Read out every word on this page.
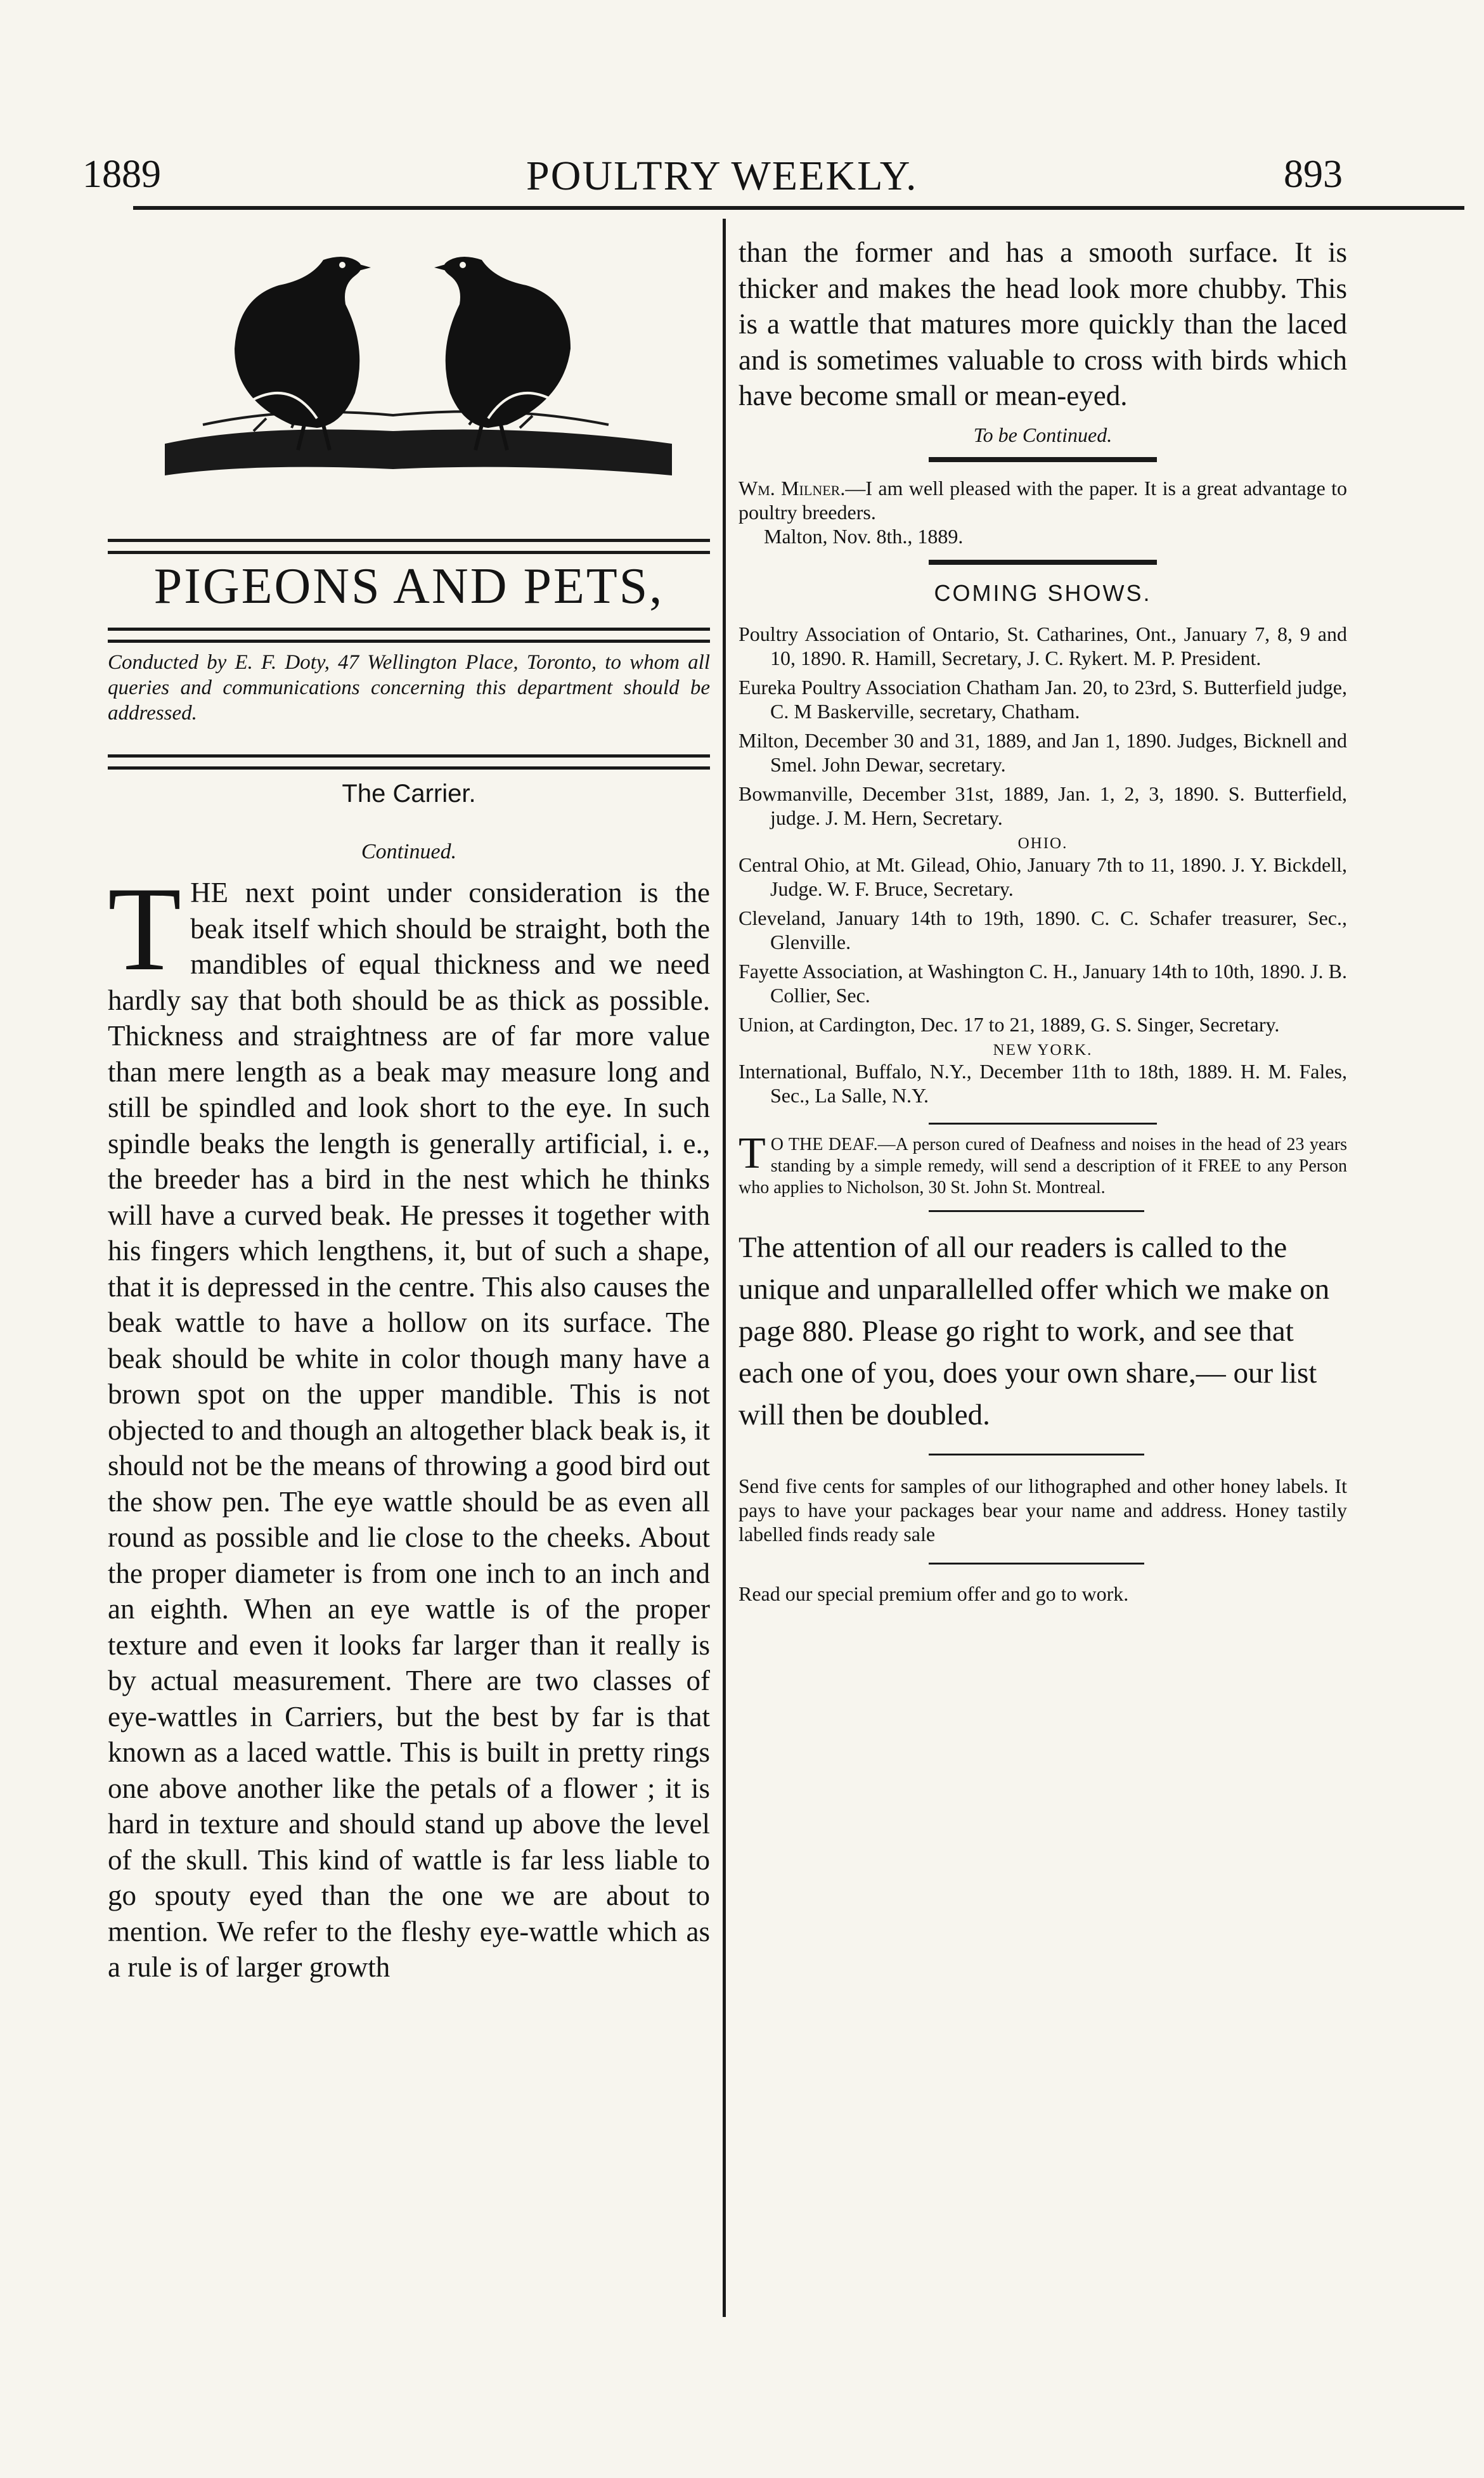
1889	POULTRY WEEKLY.	893
PIGEONS AND PETS,
Conducted by E. F. Doty, 47 Wellington Place, Toronto, to whom all queries and communications concerning this department should be addressed.
The Carrier.
Continued.
THE next point under consideration is the beak itself which should be straight, both the mandibles of equal thickness and we need hardly say that both should be as thick as possible. Thickness and straightness are of far more value than mere length as a beak may measure long and still be spindled and look short to the eye. In such spindle beaks the length is generally artificial, i. e., the breeder has a bird in the nest which he thinks will have a curved beak. He presses it together with his fingers which lengthens, it, but of such a shape, that it is depressed in the centre. This also causes the beak wattle to have a hollow on its surface. The beak should be white in color though many have a brown spot on the upper mandible. This is not objected to and though an altogether black beak is, it should not be the means of throwing a good bird out the show pen. The eye wattle should be as even all round as possible and lie close to the cheeks. About the proper diameter is from one inch to an inch and an eighth. When an eye wattle is of the proper texture and even it looks far larger than it really is by actual measurement. There are two classes of eye-wattles in Carriers, but the best by far is that known as a laced wattle. This is built in pretty rings one above another like the petals of a flower ; it is hard in texture and should stand up above the level of the skull. This kind of wattle is far less liable to go spouty eyed than the one we are about to mention. We refer to the fleshy eye-wattle which as a rule is of larger growth
than the former and has a smooth surface. It is thicker and makes the head look more chubby. This is a wattle that matures more quickly than the laced and is sometimes valuable to cross with birds which have become small or mean-eyed.
To be Continued.
Wm. Milner.—I am well pleased with the paper. It is a great advantage to poultry breeders.
Malton, Nov. 8th., 1889.
COMING SHOWS.
Poultry Association of Ontario, St. Catharines, Ont., January 7, 8, 9 and 10, 1890. R. Hamill, Secretary, J. C. Rykert. M. P. President.
Eureka Poultry Association Chatham Jan. 20, to 23rd, S. Butterfield judge, C. M Baskerville, secretary, Chatham.
Milton, December 30 and 31, 1889, and Jan 1, 1890. Judges, Bicknell and Smel. John Dewar, secretary.
Bowmanville, December 31st, 1889, Jan. 1, 2, 3, 1890. S. Butterfield, judge. J. M. Hern, Secretary.
OHIO.
Central Ohio, at Mt. Gilead, Ohio, January 7th to 11, 1890. J. Y. Bickdell, Judge. W. F. Bruce, Secretary.
Cleveland, January 14th to 19th, 1890. C. C. Schafer treasurer, Sec., Glenville.
Fayette Association, at Washington C. H., January 14th to 10th, 1890. J. B. Collier, Sec.
Union, at Cardington, Dec. 17 to 21, 1889, G. S. Singer, Secretary.
NEW YORK.
International, Buffalo, N.Y., December 11th to 18th, 1889. H. M. Fales, Sec., La Salle, N.Y.
T O THE DEAF.—A person cured of Deafness and noises in the head of 23 years standing by a simple remedy, will send a description of it FREE to any Person who applies to Nicholson, 30 St. John St. Montreal.
The attention of all our readers is called to the unique and unparallelled offer which we make on page 880. Please go right to work, and see that each one of you, does your own share,— our list will then be doubled.
Send five cents for samples of our lithographed and other honey labels. It pays to have your packages bear your name and address. Honey tastily labelled finds ready sale
Read our special premium offer and go to work.
